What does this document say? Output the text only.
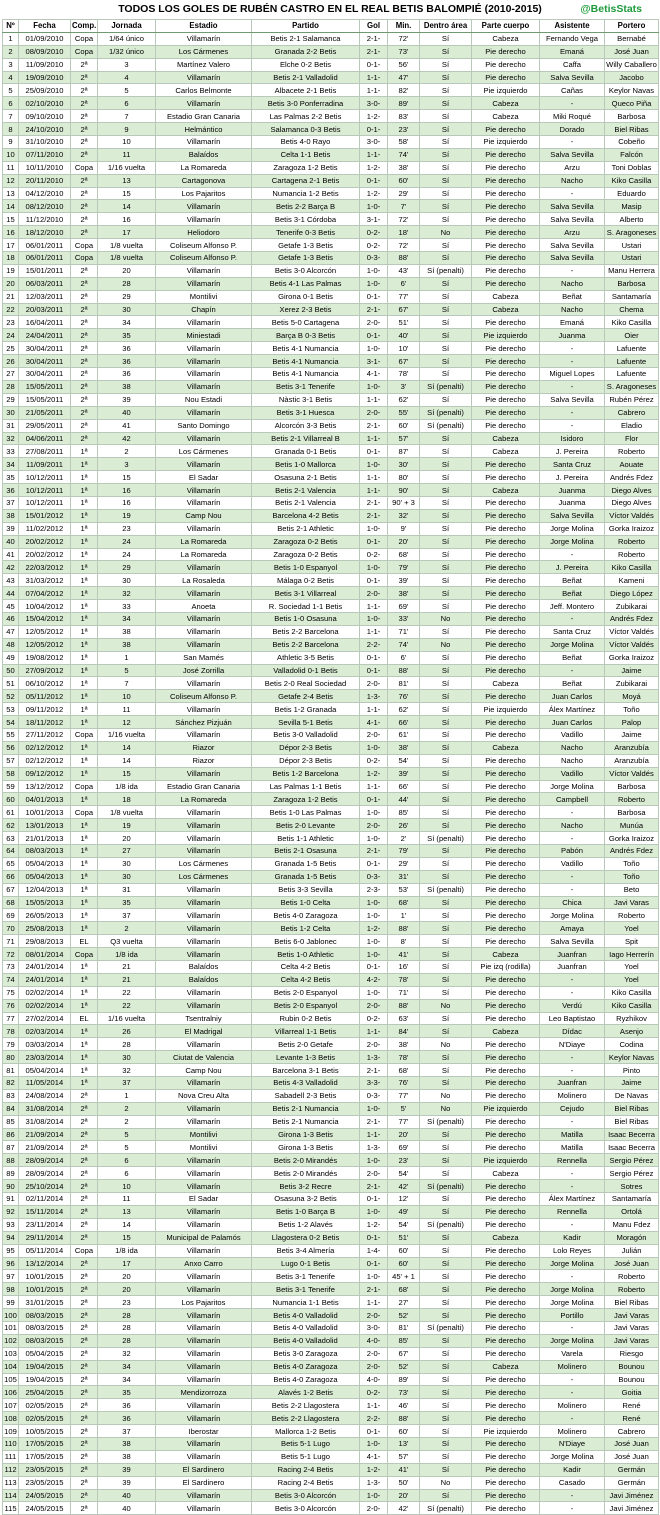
TODOS LOS GOLES DE RUBÉN CASTRO EN EL REAL BETIS BALOMPIÉ (2010-2015)	@BetisStats
Nº	Fecha	Comp.	Jornada	Estadio	Partido	Gol	Min.	Dentro área	Parte cuerpo	Asistente	Portero
1	01/09/2010	Copa	1/64 único	Villamarín	Betis 2-1 Salamanca	2-1-	72'	Sí	Cabeza	Fernando Vega	Bernabé
2	08/09/2010	Copa	1/32 único	Los Cármenes	Granada 2-2 Betis	2-1-	73'	Sí	Pie derecho	Emaná	José Juan
3	11/09/2010	2ª	3	Martínez Valero	Elche 0-2 Betis	0-1-	56'	Sí	Pie derecho	Caffa	Willy Caballero
4	19/09/2010	2ª	4	Villamarín	Betis 2-1 Valladolid	1-1-	47'	Sí	Pie derecho	Salva Sevilla	Jacobo
5	25/09/2010	2ª	5	Carlos Belmonte	Albacete 2-1 Betis	1-1-	82'	Sí	Pie izquierdo	Cañas	Keylor Navas
6	02/10/2010	2ª	6	Villamarín	Betis 3-0 Ponferradina	3-0-	89'	Sí	Cabeza	-	Queco Piña
7	09/10/2010	2ª	7	Estadio Gran Canaria	Las Palmas 2-2 Betis	1-2-	83'	Sí	Cabeza	Miki Roqué	Barbosa
8	24/10/2010	2ª	9	Helmántico	Salamanca 0-3 Betis	0-1-	23'	Sí	Pie derecho	Dorado	Biel Ribas
9	31/10/2010	2ª	10	Villamarín	Betis 4-0 Rayo	3-0-	58'	Sí	Pie izquierdo	-	Cobeño
10	07/11/2010	2ª	11	Balaídos	Celta 1-1 Betis	1-1-	74'	Sí	Pie derecho	Salva Sevilla	Falcón
11	10/11/2010	Copa	1/16 vuelta	La Romareda	Zaragoza 1-2 Betis	1-2-	38'	Sí	Pie derecho	Arzu	Toni Doblas
12	20/11/2010	2ª	13	Cartagonova	Cartagena 2-1 Betis	0-1-	60'	Sí	Pie derecho	Nacho	Kiko Casilla
13	04/12/2010	2ª	15	Los Pajaritos	Numancia 1-2 Betis	1-2-	29'	Sí	Pie derecho	-	Eduardo
14	08/12/2010	2ª	14	Villamarín	Betis 2-2 Barça B	1-0-	7'	Sí	Pie derecho	Salva Sevilla	Masip
15	11/12/2010	2ª	16	Villamarín	Betis 3-1 Córdoba	3-1-	72'	Sí	Pie derecho	Salva Sevilla	Alberto
16	18/12/2010	2ª	17	Heliodoro	Tenerife 0-3 Betis	0-2-	18'	No	Pie derecho	Arzu	S. Aragoneses
17	06/01/2011	Copa	1/8 vuelta	Coliseum Alfonso P.	Getafe 1-3 Betis	0-2-	72'	Sí	Pie derecho	Salva Sevilla	Ustari
18	06/01/2011	Copa	1/8 vuelta	Coliseum Alfonso P.	Getafe 1-3 Betis	0-3-	88'	Sí	Pie derecho	Salva Sevilla	Ustari
19	15/01/2011	2ª	20	Villamarín	Betis 3-0 Alcorcón	1-0-	43'	Sí (penalti)	Pie derecho	-	Manu Herrera
20	06/03/2011	2ª	28	Villamarín	Betis 4-1 Las Palmas	1-0-	6'	Sí	Pie derecho	Nacho	Barbosa
21	12/03/2011	2ª	29	Montilivi	Girona 0-1 Betis	0-1-	77'	Sí	Cabeza	Beñat	Santamaría
22	20/03/2011	2ª	30	Chapín	Xerez 2-3 Betis	2-1-	67'	Sí	Cabeza	Nacho	Chema
23	16/04/2011	2ª	34	Villamarín	Betis 5-0 Cartagena	2-0-	51'	Sí	Pie derecho	Emaná	Kiko Casilla
24	24/04/2011	2ª	35	Miniestadi	Barça B 0-3 Betis	0-1-	40'	Sí	Pie izquierdo	Juanma	Oier
25	30/04/2011	2ª	36	Villamarín	Betis 4-1 Numancia	1-0-	10'	Sí	Pie derecho	-	Lafuente
26	30/04/2011	2ª	36	Villamarín	Betis 4-1 Numancia	3-1-	67'	Sí	Pie derecho	-	Lafuente
27	30/04/2011	2ª	36	Villamarín	Betis 4-1 Numancia	4-1-	78'	Sí	Pie derecho	Miguel Lopes	Lafuente
28	15/05/2011	2ª	38	Villamarín	Betis 3-1 Tenerife	1-0-	3'	Sí (penalti)	Pie derecho	-	S. Aragoneses
29	15/05/2011	2ª	39	Nou Estadi	Nàstic 3-1 Betis	1-1-	62'	Sí	Pie derecho	Salva Sevilla	Rubén Pérez
30	21/05/2011	2ª	40	Villamarín	Betis 3-1 Huesca	2-0-	55'	Sí (penalti)	Pie derecho	-	Cabrero
31	29/05/2011	2ª	41	Santo Domingo	Alcorcón 3-3 Betis	2-1-	60'	Sí (penalti)	Pie derecho	-	Eladio
32	04/06/2011	2ª	42	Villamarín	Betis 2-1 Villarreal B	1-1-	57'	Sí	Cabeza	Isidoro	Flor
33	27/08/2011	1ª	2	Los Cármenes	Granada 0-1 Betis	0-1-	87'	Sí	Cabeza	J. Pereira	Roberto
34	11/09/2011	1ª	3	Villamarín	Betis 1-0 Mallorca	1-0-	30'	Sí	Pie derecho	Santa Cruz	Aouate
35	10/12/2011	1ª	15	El Sadar	Osasuna 2-1 Betis	1-1-	80'	Sí	Pie derecho	J. Pereira	Andrés Fdez
36	10/12/2011	1ª	16	Villamarín	Betis 2-1 Valencia	1-1-	90'	Sí	Cabeza	Juanma	Diego Alves
37	10/12/2011	1ª	16	Villamarín	Betis 2-1 Valencia	2-1-	90' + 3	Sí	Pie derecho	Juanma	Diego Alves
38	15/01/2012	1ª	19	Camp Nou	Barcelona 4-2 Betis	2-1-	32'	Sí	Pie derecho	Salva Sevilla	Víctor Valdés
39	11/02/2012	1ª	23	Villamarín	Betis 2-1 Athletic	1-0-	9'	Sí	Pie derecho	Jorge Molina	Gorka Iraizoz
40	20/02/2012	1ª	24	La Romareda	Zaragoza 0-2 Betis	0-1-	20'	Sí	Pie derecho	Jorge Molina	Roberto
41	20/02/2012	1ª	24	La Romareda	Zaragoza 0-2 Betis	0-2-	68'	Sí	Pie derecho	-	Roberto
42	22/03/2012	1ª	29	Villamarín	Betis 1-0 Espanyol	1-0-	79'	Sí	Pie derecho	J. Pereira	Kiko Casilla
43	31/03/2012	1ª	30	La Rosaleda	Málaga 0-2 Betis	0-1-	39'	Sí	Pie derecho	Beñat	Kameni
44	07/04/2012	1ª	32	Villamarín	Betis 3-1 Villarreal	2-0-	38'	Sí	Pie derecho	Beñat	Diego López
45	10/04/2012	1ª	33	Anoeta	R. Sociedad 1-1 Betis	1-1-	69'	Sí	Pie derecho	Jeff. Montero	Zubikarai
46	15/04/2012	1ª	34	Villamarín	Betis 1-0 Osasuna	1-0-	33'	No	Pie derecho	-	Andrés Fdez
47	12/05/2012	1ª	38	Villamarín	Betis 2-2 Barcelona	1-1-	71'	Sí	Pie derecho	Santa Cruz	Víctor Valdés
48	12/05/2012	1ª	38	Villamarín	Betis 2-2 Barcelona	2-2-	74'	No	Pie derecho	Jorge Molina	Víctor Valdés
49	19/08/2012	1ª	1	San Mamés	Athletic 3-5 Betis	0-1-	6'	Sí	Pie derecho	Beñat	Gorka Iraizoz
50	27/09/2012	1ª	5	José Zorrilla	Valladolid 0-1 Betis	0-1-	88'	Sí	Pie derecho	-	Jaime
51	06/10/2012	1ª	7	Villamarín	Betis 2-0 Real Sociedad	2-0-	81'	Sí	Cabeza	Beñat	Zubikarai
52	05/11/2012	1ª	10	Coliseum Alfonso P.	Getafe 2-4 Betis	1-3-	76'	Sí	Pie derecho	Juan Carlos	Moyá
53	09/11/2012	1ª	11	Villamarín	Betis 1-2 Granada	1-1-	62'	Sí	Pie izquierdo	Álex Martínez	Toño
54	18/11/2012	1ª	12	Sánchez Pizjuán	Sevilla 5-1 Betis	4-1-	66'	Sí	Pie derecho	Juan Carlos	Palop
55	27/11/2012	Copa	1/16 vuelta	Villamarín	Betis 3-0 Valladolid	2-0-	61'	Sí	Pie derecho	Vadillo	Jaime
56	02/12/2012	1ª	14	Riazor	Dépor 2-3 Betis	1-0-	38'	Sí	Cabeza	Nacho	Aranzubía
57	02/12/2012	1ª	14	Riazor	Dépor 2-3 Betis	0-2-	54'	Sí	Pie derecho	Nacho	Aranzubía
58	09/12/2012	1ª	15	Villamarín	Betis 1-2 Barcelona	1-2-	39'	Sí	Pie derecho	Vadillo	Víctor Valdés
59	13/12/2012	Copa	1/8 ida	Estadio Gran Canaria	Las Palmas 1-1 Betis	1-1-	66'	Sí	Pie derecho	Jorge Molina	Barbosa
60	04/01/2013	1ª	18	La Romareda	Zaragoza 1-2 Betis	0-1-	44'	Sí	Pie derecho	Campbell	Roberto
61	10/01/2013	Copa	1/8 vuelta	Villamarín	Betis 1-0 Las Palmas	1-0-	85'	Sí	Pie derecho	-	Barbosa
62	13/01/2013	1ª	19	Villamarín	Betis 2-0 Levante	2-0-	26'	Sí	Pie derecho	Nacho	Munúa
63	21/01/2013	1ª	20	Villamarín	Betis 1-1 Athletic	1-0-	2'	Sí (penalti)	Pie derecho	-	Gorka Iraizoz
64	08/03/2013	1ª	27	Villamarín	Betis 2-1 Osasuna	2-1-	79'	Sí	Pie derecho	Pabón	Andrés Fdez
65	05/04/2013	1ª	30	Los Cármenes	Granada 1-5 Betis	0-1-	29'	Sí	Pie derecho	Vadillo	Toño
66	05/04/2013	1ª	30	Los Cármenes	Granada 1-5 Betis	0-3-	31'	Sí	Pie derecho	-	Toño
67	12/04/2013	1ª	31	Villamarín	Betis 3-3 Sevilla	2-3-	53'	Sí (penalti)	Pie derecho	-	Beto
68	15/05/2013	1ª	35	Villamarín	Betis 1-0 Celta	1-0-	68'	Sí	Pie derecho	Chica	Javi Varas
69	26/05/2013	1ª	37	Villamarín	Betis 4-0 Zaragoza	1-0-	1'	Sí	Pie derecho	Jorge Molina	Roberto
70	25/08/2013	1ª	2	Villamarín	Betis 1-2 Celta	1-2-	88'	Sí	Pie derecho	Amaya	Yoel
71	29/08/2013	EL	Q3 vuelta	Villamarín	Betis 6-0 Jablonec	1-0-	8'	Sí	Pie derecho	Salva Sevilla	Spit
72	08/01/2014	Copa	1/8 ida	Villamarín	Betis 1-0 Athletic	1-0-	41'	Sí	Cabeza	Juanfran	Iago Herrerín
73	24/01/2014	1ª	21	Balaídos	Celta 4-2 Betis	0-1-	16'	Sí	Pie izq (rodilla)	Juanfran	Yoel
74	24/01/2014	1ª	21	Balaídos	Celta 4-2 Betis	4-2-	78'	Sí	Pie derecho	-	Yoel
75	02/02/2014	1ª	22	Villamarín	Betis 2-0 Espanyol	1-0-	71'	Sí	Pie derecho	-	Kiko Casilla
76	02/02/2014	1ª	22	Villamarín	Betis 2-0 Espanyol	2-0-	88'	No	Pie derecho	Verdú	Kiko Casilla
77	27/02/2014	EL	1/16 vuelta	Tsentralniy	Rubin 0-2 Betis	0-2-	63'	Sí	Pie derecho	Leo Baptistao	Ryzhikov
78	02/03/2014	1ª	26	El Madrigal	Villarreal 1-1 Betis	1-1-	84'	Sí	Cabeza	Dídac	Asenjo
79	03/03/2014	1ª	28	Villamarín	Betis 2-0 Getafe	2-0-	38'	No	Pie derecho	N'Diaye	Codina
80	23/03/2014	1ª	30	Ciutat de Valencia	Levante 1-3 Betis	1-3-	78'	Sí	Pie derecho	-	Keylor Navas
81	05/04/2014	1ª	32	Camp Nou	Barcelona 3-1 Betis	2-1-	68'	Sí	Pie derecho	-	Pinto
82	11/05/2014	1ª	37	Villamarín	Betis 4-3 Valladolid	3-3-	76'	Sí	Pie derecho	Juanfran	Jaime
83	24/08/2014	2ª	1	Nova Creu Alta	Sabadell 2-3 Betis	0-3-	77'	No	Pie derecho	Molinero	De Navas
84	31/08/2014	2ª	2	Villamarín	Betis 2-1 Numancia	1-0-	5'	No	Pie izquierdo	Cejudo	Biel Ribas
85	31/08/2014	2ª	2	Villamarín	Betis 2-1 Numancia	2-1-	77'	Sí (penalti)	Pie derecho	-	Biel Ribas
86	21/09/2014	2ª	5	Montilivi	Girona 1-3 Betis	1-1-	20'	Sí	Pie derecho	Matilla	Isaac Becerra
87	21/09/2014	2ª	5	Montilivi	Girona 1-3 Betis	1-3-	69'	Sí	Pie derecho	Matilla	Isaac Becerra
88	28/09/2014	2ª	6	Villamarín	Betis 2-0 Mirandés	1-0-	23'	Sí	Pie izquierdo	Rennella	Sergio Pérez
89	28/09/2014	2ª	6	Villamarín	Betis 2-0 Mirandés	2-0-	54'	Sí	Cabeza	-	Sergio Pérez
90	25/10/2014	2ª	10	Villamarín	Betis 3-2 Recre	2-1-	42'	Sí (penalti)	Pie derecho	-	Sotres
91	02/11/2014	2ª	11	El Sadar	Osasuna 3-2 Betis	0-1-	12'	Sí	Pie derecho	Álex Martínez	Santamaría
92	15/11/2014	2ª	13	Villamarín	Betis 1-0 Barça B	1-0-	49'	Sí	Pie derecho	Rennella	Ortolá
93	23/11/2014	2ª	14	Villamarín	Betis 1-2 Alavés	1-2-	54'	Sí (penalti)	Pie derecho	-	Manu Fdez
94	29/11/2014	2ª	15	Municipal de Palamós	Llagostera 0-2 Betis	0-1-	51'	Sí	Cabeza	Kadir	Moragón
95	05/11/2014	Copa	1/8 ida	Villamarín	Betis 3-4 Almería	1-4-	60'	Sí	Pie derecho	Lolo Reyes	Julián
96	13/12/2014	2ª	17	Anxo Carro	Lugo 0-1 Betis	0-1-	60'	Sí	Pie derecho	Jorge Molina	José Juan
97	10/01/2015	2ª	20	Villamarín	Betis 3-1 Tenerife	1-0-	45' + 1	Sí	Pie derecho	-	Roberto
98	10/01/2015	2ª	20	Villamarín	Betis 3-1 Tenerife	2-1-	68'	Sí	Pie derecho	Jorge Molina	Roberto
99	31/01/2015	2ª	23	Los Pajaritos	Numancia 1-1 Betis	1-1-	27'	Sí	Pie derecho	Jorge Molina	Biel Ribas
100	08/03/2015	2ª	28	Villamarín	Betis 4-0 Valladolid	2-0-	52'	Sí	Pie derecho	Portillo	Javi Varas
101	08/03/2015	2ª	28	Villamarín	Betis 4-0 Valladolid	3-0-	81'	Sí (penalti)	Pie derecho	-	Javi Varas
102	08/03/2015	2ª	28	Villamarín	Betis 4-0 Valladolid	4-0-	85'	Sí	Pie derecho	Jorge Molina	Javi Varas
103	05/04/2015	2ª	32	Villamarín	Betis 3-0 Zaragoza	2-0-	67'	Sí	Pie derecho	Varela	Riesgo
104	19/04/2015	2ª	34	Villamarín	Betis 4-0 Zaragoza	2-0-	52'	Sí	Cabeza	Molinero	Bounou
105	19/04/2015	2ª	34	Villamarín	Betis 4-0 Zaragoza	4-0-	89'	Sí	Pie derecho	-	Bounou
106	25/04/2015	2ª	35	Mendizorroza	Alavés 1-2 Betis	0-2-	73'	Sí	Pie derecho	-	Goitia
107	02/05/2015	2ª	36	Villamarín	Betis 2-2 Llagostera	1-1-	46'	Sí	Pie derecho	Molinero	René
108	02/05/2015	2ª	36	Villamarín	Betis 2-2 Llagostera	2-2-	88'	Sí	Pie derecho	-	René
109	10/05/2015	2ª	37	Iberostar	Mallorca 1-2 Betis	0-1-	60'	Sí	Pie izquierdo	Molinero	Cabrero
110	17/05/2015	2ª	38	Villamarín	Betis 5-1 Lugo	1-0-	13'	Sí	Pie derecho	N'Diaye	José Juan
111	17/05/2015	2ª	38	Villamarín	Betis 5-1 Lugo	4-1-	57'	Sí	Pie derecho	Jorge Molina	José Juan
112	23/05/2015	2ª	39	El Sardinero	Racing 2-4 Betis	1-2-	41'	Sí	Pie derecho	Kadir	Germán
113	23/05/2015	2ª	39	El Sardinero	Racing 2-4 Betis	1-3-	50'	No	Pie derecho	Casado	Germán
114	24/05/2015	2ª	40	Villamarín	Betis 3-0 Alcorcón	1-0-	20'	Sí	Pie derecho	-	Javi Jiménez
115	24/05/2015	2ª	40	Villamarín	Betis 3-0 Alcorcón	2-0-	42'	Sí (penalti)	Pie derecho	-	Javi Jiménez
